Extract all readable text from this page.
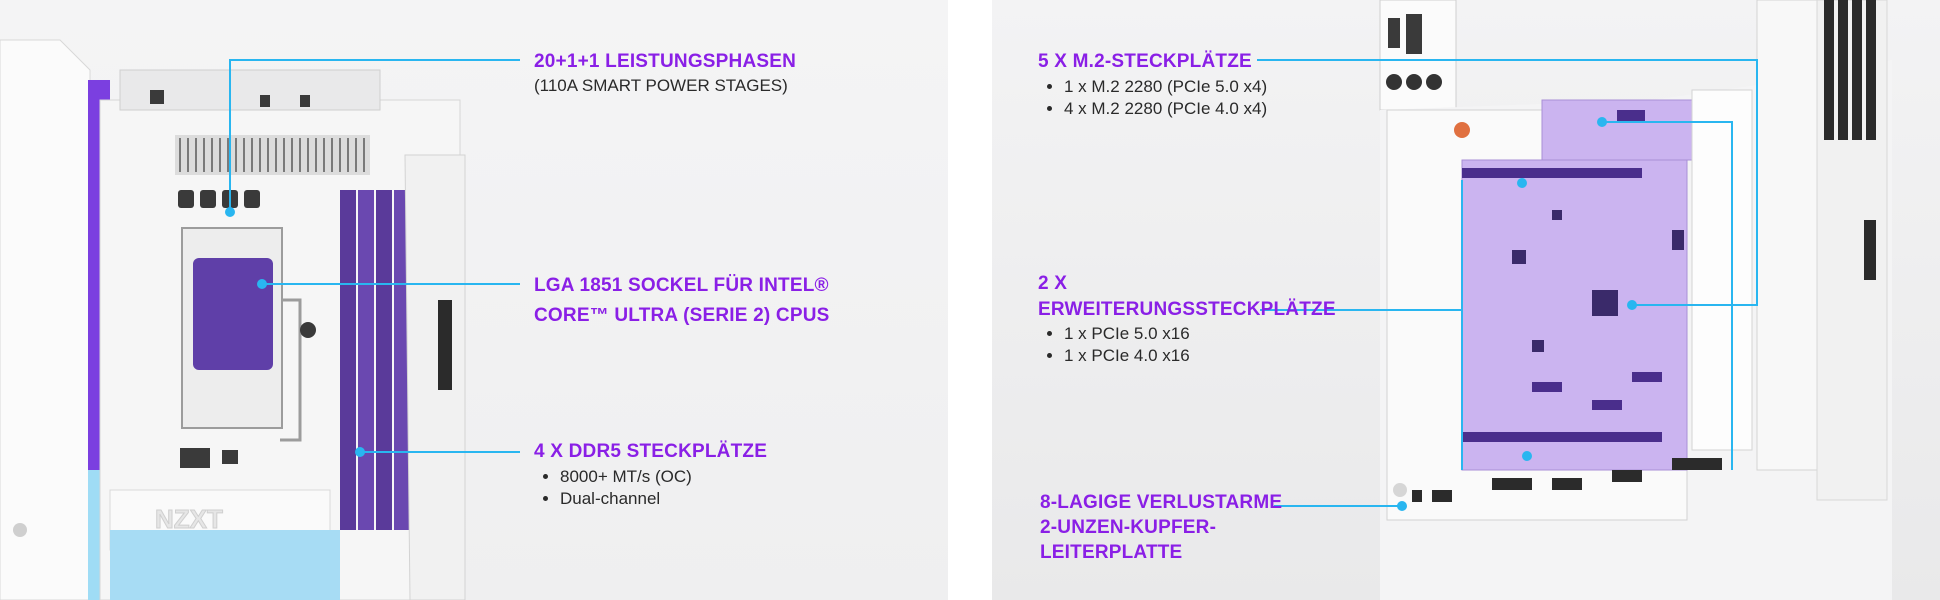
NZXT
20+1+1 LEISTUNGSPHASEN
(110A SMART POWER STAGES)
LGA 1851 SOCKEL FÜR INTEL®
CORE™ ULTRA (SERIE 2) CPUS
4 X DDR5 STECKPLÄTZE
• 8000+ MT/s (OC)
• Dual-channel
5 X M.2-STECKPLÄTZE
• 1 x M.2 2280 (PCIe 5.0 x4)
• 4 x M.2 2280 (PCIe 4.0 x4)
2 X
ERWEITERUNGSSTECKPLÄTZE
• 1 x PCIe 5.0 x16
• 1 x PCIe 4.0 x16
8-LAGIGE VERLUSTARME
2-UNZEN-KUPFER-
LEITERPLATTE
